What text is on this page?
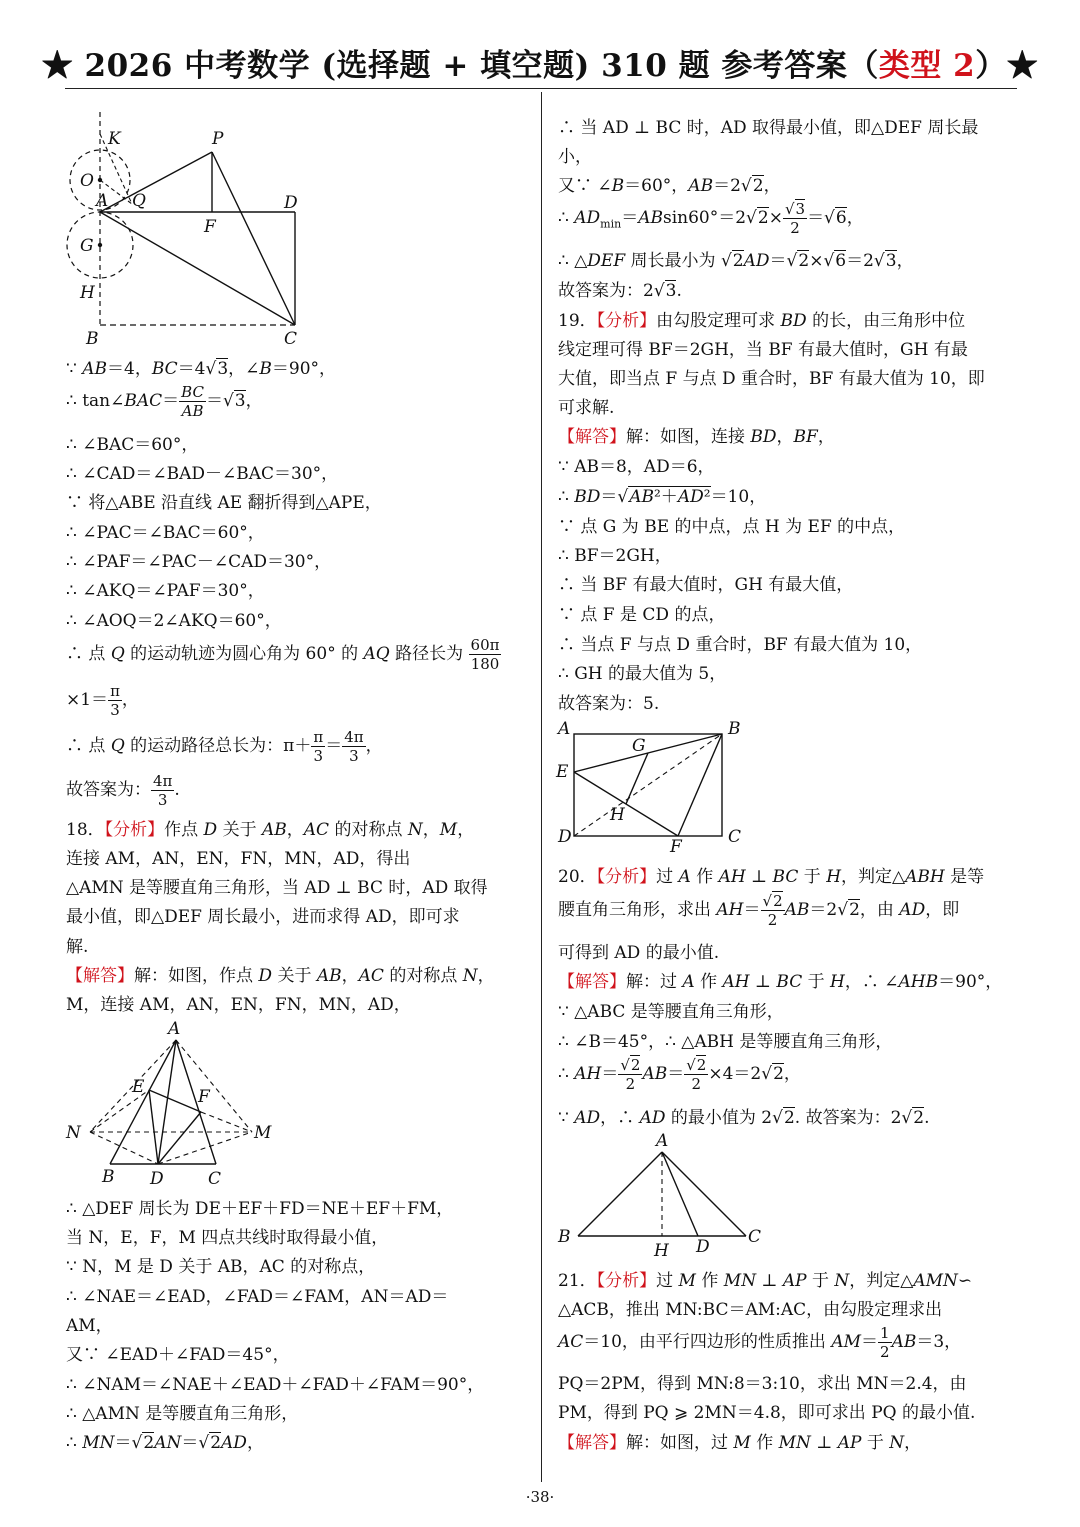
★ 2026 中考数学 (选择题 + 填空题) 310 题 参考答案（类型 2）★
K
O
A Q
G
H
B
P
F
D
C
∵ AB＝4，BC＝4√3，∠B＝90°，
∴ tan∠BAC＝ $\frac{BC}{AB} =√3$，
∴ ∠BAC＝60°，
∴ ∠CAD＝∠BAD－∠BAC＝30°，
∵ 将△ABE 沿直线 AE 翻折得到△APE，
∴ ∠PAC＝∠BAC＝60°，
∴ ∠PAF＝∠PAC－∠CAD＝30°，
∴ ∠AKQ＝∠PAF＝30°，
∴ ∠AOQ＝2∠AKQ＝60°，
∴ 点 Q 的运动轨迹为圆心角为 60° 的 AQ 路径长为 $\frac{60\pi}{180}$
$\times 1= \frac{\pi}{3}$ ，
∴ 点 Q 的运动路径总长为：$\pi+ \frac{\pi}{3} = \frac{4\pi}{3}$ ，
故答案为： $\frac{4\pi}{3}$ .
18．【分析】作点 D 关于 AB，AC 的对称点 N，M，
连接 AM，AN，EN，FN，MN，AD，得出
△AMN 是等腰直角三角形，当 AD ⊥ BC 时，AD 取得
最小值，即△DEF 周长最小，进而求得 AD，即可求
解.
【解答】解：如图，作点 D 关于 AB，AC 的对称点 N，
M，连接 AM，AN，EN，FN，MN，AD，
∴ △DEF 周长为 DE＋EF＋FD＝NE＋EF＋FM，
当 N，E，F，M 四点共线时取得最小值，
∵ N，M 是 D 关于 AB，AC 的对称点，
∴ ∠NAE＝∠EAD，∠FAD＝∠FAM，AN＝AD＝
AM，
又∵ ∠EAD＋∠FAD＝45°，
∴ ∠NAM＝∠NAE＋∠EAD＋∠FAD＋∠FAM＝90°，
∴ △AMN 是等腰直角三角形，
∴ MN＝√2AN＝√2AD，
A
E	F
N	M
B D	C
∴ 当 AD ⊥ BC 时，AD 取得最小值，即△DEF 周长最
小，
又∵ ∠B＝60°，AB＝2√2，
∴ $AD_{min}=ABsin60^\circ=2√2\times \frac{√3}{2} =√6$，
∴ △DEF 周长最小为 √2AD＝√2×√6＝2√3，
故答案为：2√3.
19．【分析】由勾股定理可求 BD 的长，由三角形中位
线定理可得 BF＝2GH，当 BF 有最大值时，GH 有最
大值，即当点 F 与点 D 重合时，BF 有最大值为 10，即
可求解.
【解答】解：如图，连接 BD，BF，
∵ AB＝8，AD＝6，
∴ BD＝√AB²＋AD²＝10，
∵ 点 G 为 BE 的中点，点 H 为 EF 的中点，
∴ BF＝2GH，
∴ 当 BF 有最大值时，GH 有最大值，
∵ 点 F 是 CD 的点，
∴ 当点 F 与点 D 重合时，BF 有最大值为 10，
∴ GH 的最大值为 5，
故答案为：5.
20．【分析】过 A 作 AH ⊥ BC 于 H，判定△ABH 是等
腰直角三角形，求出 $AH= \frac{√2}{2} AB=2√2$，由 AD，即
可得到 AD 的最小值.
【解答】解：过 A 作 AH ⊥ BC 于 H，∴ ∠AHB＝90°，
∵ △ABC 是等腰直角三角形，
∴ ∠B＝45°，∴ △ABH 是等腰直角三角形，
∴ $AH= \frac{√2}{2} AB= \frac{√2}{2} \times 4=2√2$，
∵ AD，∴ AD 的最小值为 2√2. 故答案为：2√2.
21．【分析】过 M 作 MN ⊥ AP 于 N，判定△AMN∽
△ACB，推出 MN:BC＝AM:AC，由勾股定理求出
AC＝10，由平行四边形的性质推出 $AM= \frac{1}{2} AB=3$，
PQ＝2PM，得到 MN:8＝3:10，求出 MN＝2.4，由
PM，得到 PQ ⩾ 2MN＝4.8，即可求出 PQ 的最小值.
【解答】解：如图，过 M 作 MN ⊥ AP 于 N，
A	B
G
E
H
D	F	C
A
B
H D C
·38·
